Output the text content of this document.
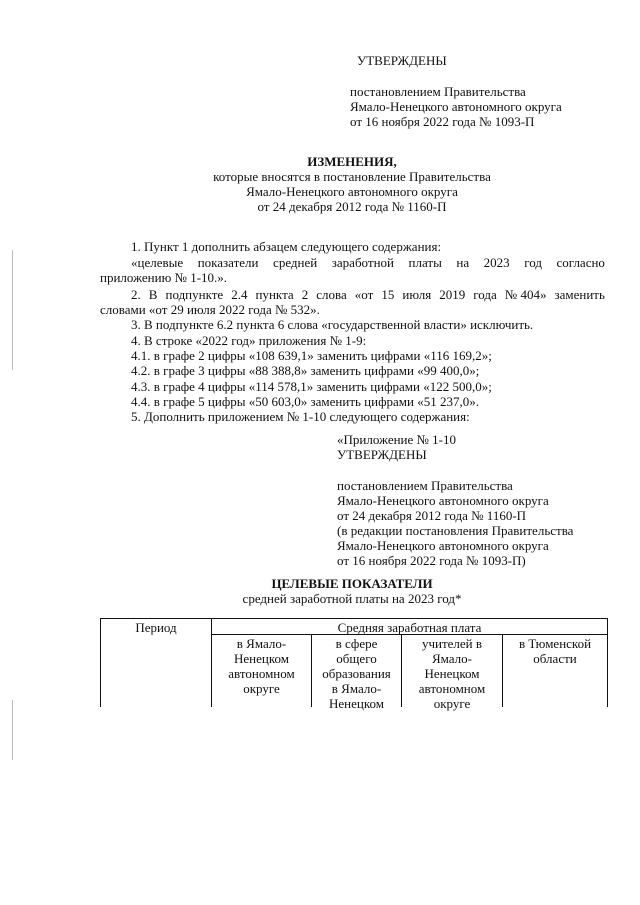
УТВЕРЖДЕНЫ
постановлением Правительства
Ямало-Ненецкого автономного округа
от 16 ноября 2022 года № 1093-П
ИЗМЕНЕНИЯ,
которые вносятся в постановление Правительства
Ямало-Ненецкого автономного округа
от 24 декабря 2012 года № 1160-П
1. Пункт 1 дополнить абзацем следующего содержания:
«целевые показатели средней заработной платы на 2023 год согласно
приложению № 1-10.».
2. В подпункте 2.4 пункта 2 слова «от 15 июля 2019 года № 404» заменить
словами «от 29 июля 2022 года № 532».
3. В подпункте 6.2 пункта 6 слова «государственной власти» исключить.
4. В строке «2022 год» приложения № 1-9:
4.1. в графе 2 цифры «108 639,1» заменить цифрами «116 169,2»;
4.2. в графе 3 цифры «88 388,8» заменить цифрами «99 400,0»;
4.3. в графе 4 цифры «114 578,1» заменить цифрами «122 500,0»;
4.4. в графе 5 цифры «50 603,0» заменить цифрами «51 237,0».
5. Дополнить приложением № 1-10 следующего содержания:
«Приложение № 1-10
УТВЕРЖДЕНЫ
постановлением Правительства
Ямало-Ненецкого автономного округа
от 24 декабря 2012 года № 1160-П
(в редакции постановления Правительства
Ямало-Ненецкого автономного округа
от 16 ноября 2022 года № 1093-П)
ЦЕЛЕВЫЕ ПОКАЗАТЕЛИ
средней заработной платы на 2023 год*
Период	Средняя заработная плата
в Ямало-
Ненецком
автономном
округе
в сфере
общего
образования
в Ямало-
Ненецком
учителей в
Ямало-
Ненецком
автономном
округе
в Тюменской
области
